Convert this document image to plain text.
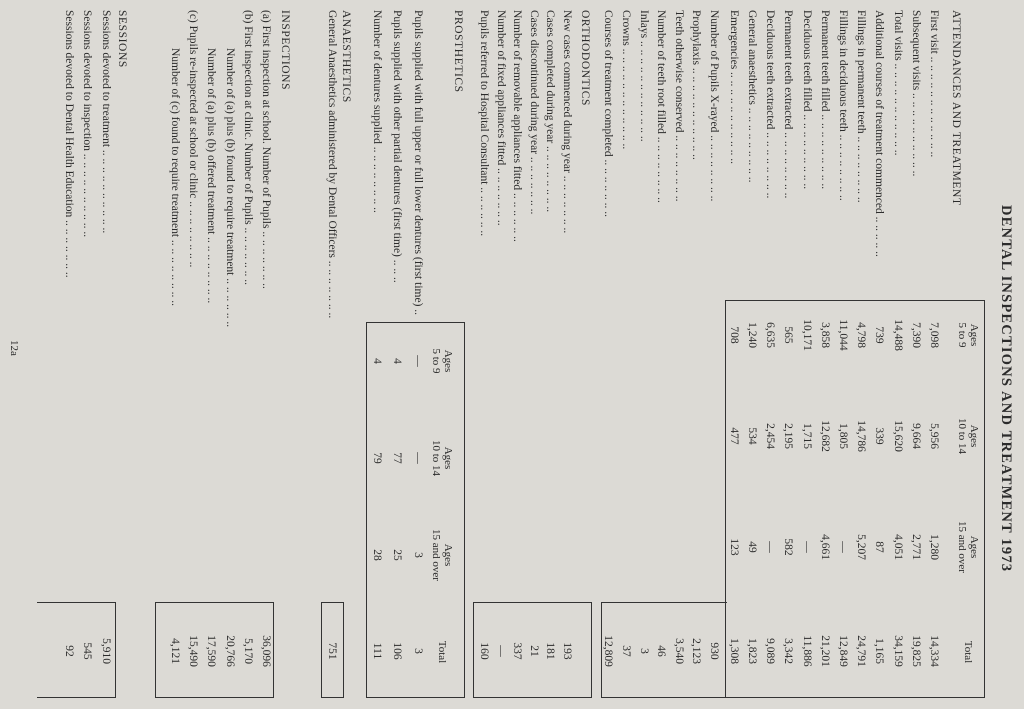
DENTAL INSPECTIONS AND TREATMENT 1973
ATTENDANCES AND TREATMENT
Ages
5 to 9
Ages
10 to 14
Ages
15 and over
Total
First visit .. .. .. .. .. .. .. .. .. .. .. ..
7,098
5,956
1,280
14,334
Subsequent visits .. .. .. .. .. .. .. .. .. ..
7,390
9,664
2,771
19,825
Total visits .. .. .. .. .. .. .. .. .. .. ..
14,488
15,620
4,051
34,159
Additional courses of treatment commenced .. .. .. .. ..
739
339
87
1,165
Fillings in permanent teeth .. .. .. .. .. .. .. ..
4,798
14,786
5,207
24,791
Fillings in deciduous teeth .. .. .. .. .. .. .. ..
11,044
1,805
—
12,849
Permanent teeth filled .. .. .. .. .. .. .. .. ..
3,858
12,682
4,661
21,201
Deciduous teeth filled .. .. .. .. .. .. .. .. ..
10,171
1,715
—
11,886
Permanent teeth extracted .. .. .. .. .. .. .. ..
565
2,195
582
3,342
Deciduous teeth extracted .. .. .. .. .. .. .. ..
6,635
2,454
—
9,089
General anaesthetics .. .. .. .. .. .. .. .. ..
1,240
534
49
1,823
Emergencies .. .. .. .. .. .. .. .. .. .. ..
708
477
123
1,308
Number of Pupils X-rayed .. .. .. .. .. .. .. ..
930
Prophylaxis .. .. .. .. .. .. .. .. .. .. ..
2,123
Teeth otherwise conserved .. .. .. .. .. .. .. ..
3,540
Number of teeth root filled .. .. .. .. .. .. .. ..
46
Inlays .. .. .. .. .. .. .. .. .. .. .. ..
3
Crowns .. .. .. .. .. .. .. .. .. .. .. ..
37
Courses of treatment completed .. .. .. .. .. .. ..
12,809
ORTHODONTICS
New cases commenced during year .. .. .. .. .. .. ..
193
Cases completed during year .. .. .. .. .. .. .. ..
181
Cases discontinued during year .. .. .. .. .. .. ..
21
Number of removable appliances fitted .. .. .. .. .. ..
337
Number of fixed appliances fitted .. .. .. .. .. .. ..
—
Pupils referred to Hospital Consultant .. .. .. .. .. ..
160
PROSTHETICS
Ages
5 to 9
Ages
10 to 14
Ages
15 and over
Total
Pupils supplied with full upper or full lower dentures (first time) ..
—
—
3
3
Pupils supplied with other partial dentures (first time) .. .. ..
4
77
25
106
Number of dentures supplied .. .. .. .. .. .. .. ..
4
79
28
111
ANAESTHETICS
General Anaesthetics administered by Dental Officers .. .. .. .. .. .. ..
751
INSPECTIONS
(a) First inspection at school. Number of Pupils .. .. .. .. .. .. ..
36,096
(b) First inspection at clinic. Number of Pupils .. .. .. .. .. .. ..
5,170
Number of (a) plus (b) found to require treatment .. .. .. .. .. ..
20,766
Number of (a) plus (b) offered treatment .. .. .. .. .. .. .. ..
17,590
(c) Pupils re-inspected at school or clinic .. .. .. .. .. .. .. ..
15,490
Number of (c) found to require treatment .. .. .. .. .. .. .. ..
4,121
SESSIONS
Sessions devoted to treatment .. .. .. .. .. .. .. .. .. ..
5,910
Sessions devoted to inspection .. .. .. .. .. .. .. .. .. ..
545
Sessions devoted to Dental Health Education .. .. .. .. .. .. ..
92
12a
